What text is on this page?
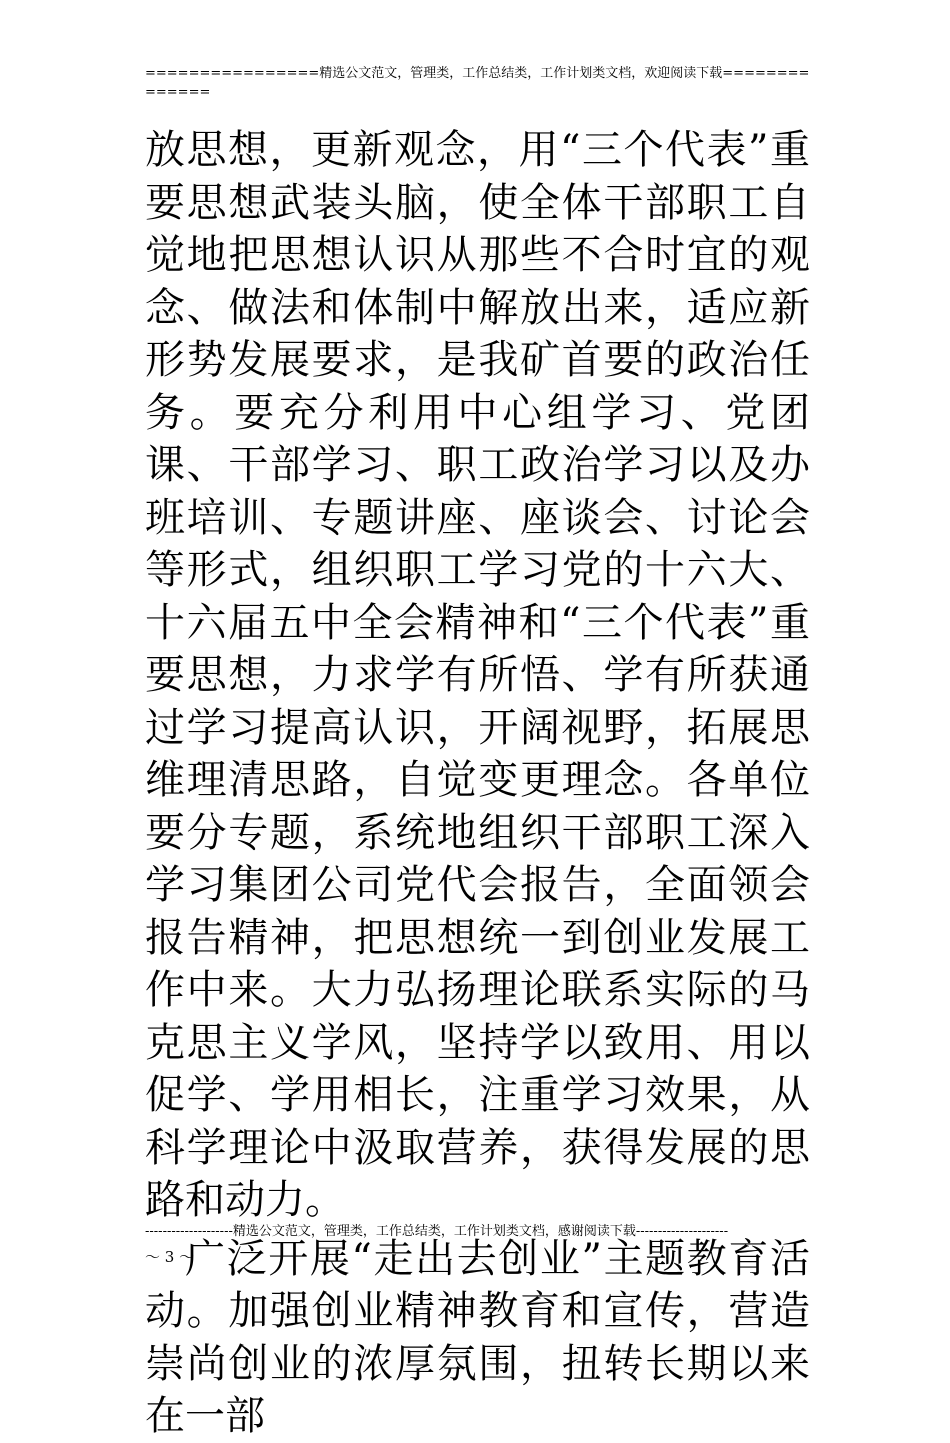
================精选公文范文，管理类，工作总结类，工作计划类文档，欢迎阅读下载==============

放思想，更新观念，用“三个代表”重要思想武装头脑，使全体干部职工自觉地把思想认识从那些不合时宜的观念、做法和体制中解放出来，适应新形势发展要求，是我矿首要的政治任务。要充分利用中心组学习、党团课、干部学习、职工政治学习以及办班培训、专题讲座、座谈会、讨论会等形式，组织职工学习党的十六大、十六届五中全会精神和“三个代表”重要思想，力求学有所悟、学有所获通过学习提高认识，开阔视野，拓展思维理清思路，自觉变更理念。各单位要分专题，系统地组织干部职工深入学习集团公司党代会报告，全面领会报告精神，把思想统一到创业发展工作中来。大力弘扬理论联系实际的马克思主义学风，坚持学以致用、用以促学、学用相长，注重学习效果，从科学理论中汲取营养，获得发展的思路和动力。

广泛开展“走出去创业”主题教育活动。加强创业精神教育和宣传，营造崇尚创业的浓厚氛围，扭转长期以来在一部

--------------------精选公文范文，管理类，工作总结类，工作计划类文档，感谢阅读下载---------------------
～ 3 ～
